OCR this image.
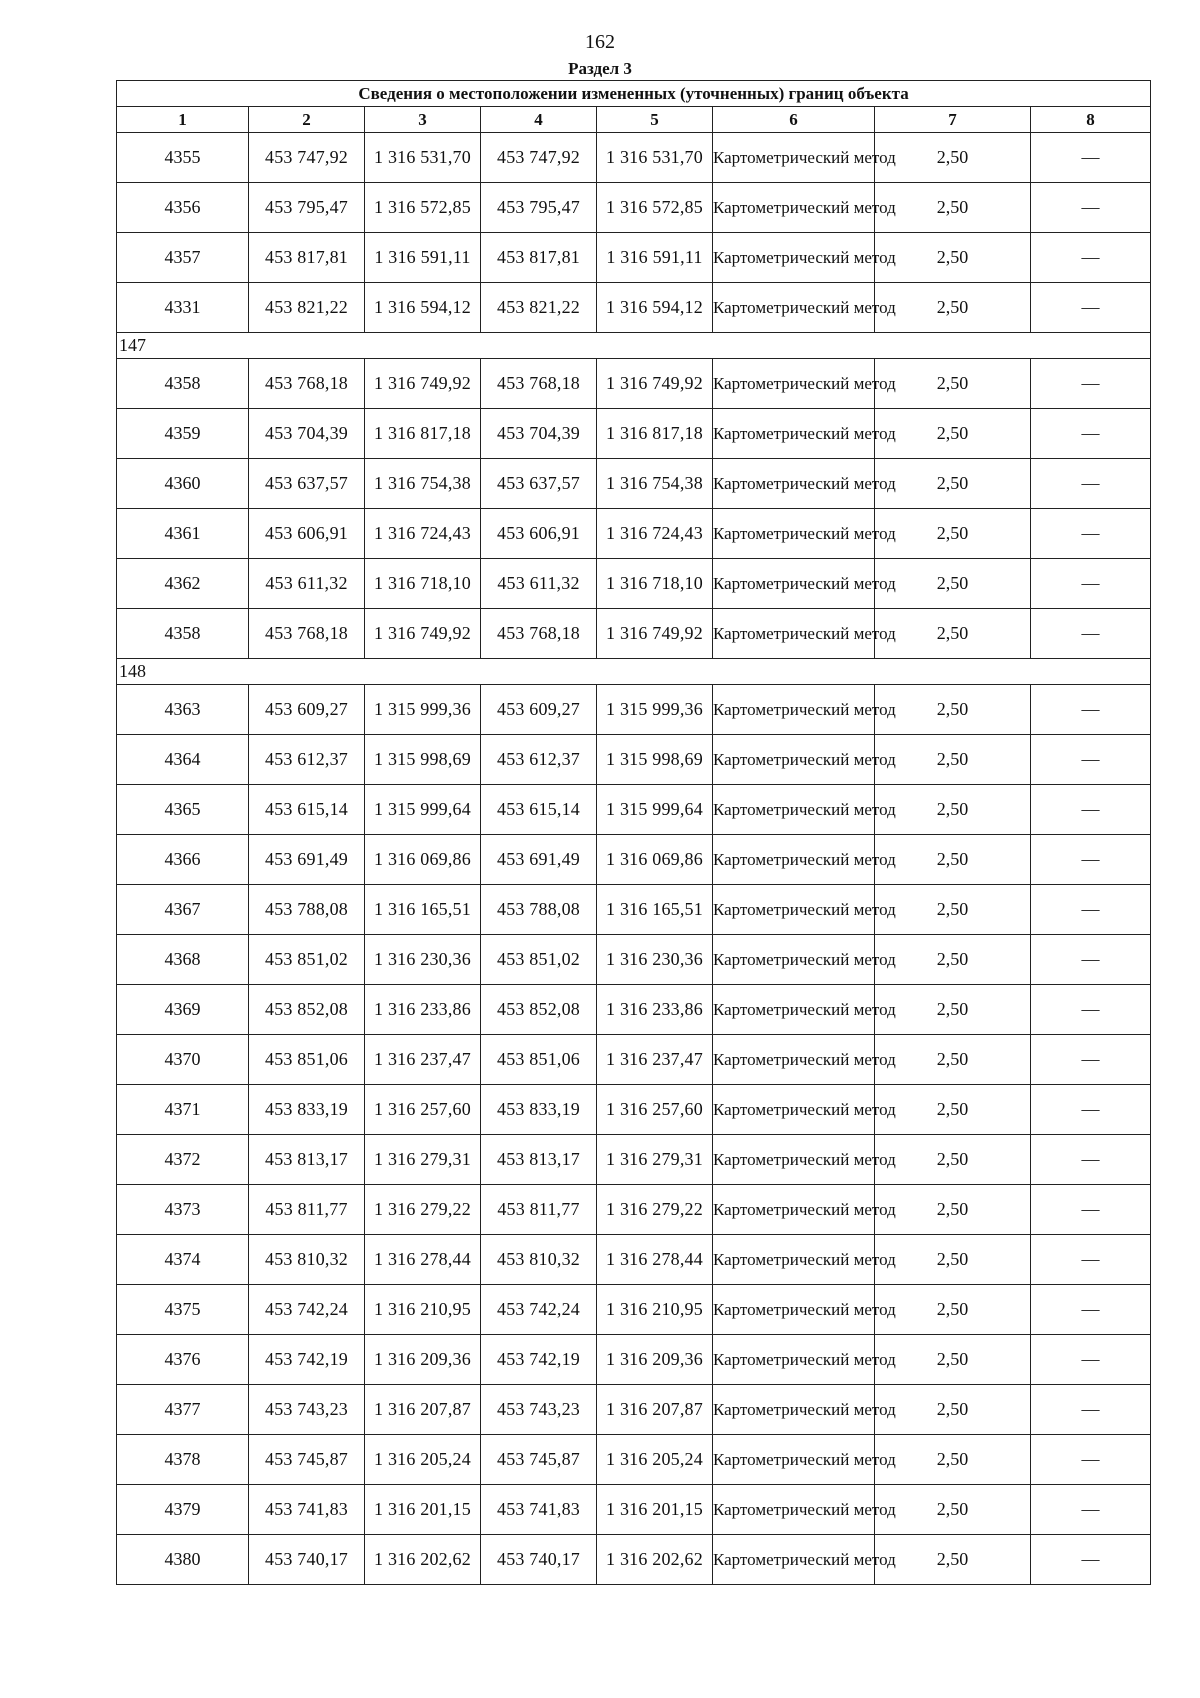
162
Раздел 3
Сведения о местоположении измененных (уточненных) границ объекта							
1	2	3	4	5	6	7	8
4355	453 747,92	1 316 531,70	453 747,92	1 316 531,70	Картометрический метод	2,50	—
4356	453 795,47	1 316 572,85	453 795,47	1 316 572,85	Картометрический метод	2,50	—
4357	453 817,81	1 316 591,11	453 817,81	1 316 591,11	Картометрический метод	2,50	—
4331	453 821,22	1 316 594,12	453 821,22	1 316 594,12	Картометрический метод	2,50	—
147							
4358	453 768,18	1 316 749,92	453 768,18	1 316 749,92	Картометрический метод	2,50	—
4359	453 704,39	1 316 817,18	453 704,39	1 316 817,18	Картометрический метод	2,50	—
4360	453 637,57	1 316 754,38	453 637,57	1 316 754,38	Картометрический метод	2,50	—
4361	453 606,91	1 316 724,43	453 606,91	1 316 724,43	Картометрический метод	2,50	—
4362	453 611,32	1 316 718,10	453 611,32	1 316 718,10	Картометрический метод	2,50	—
4358	453 768,18	1 316 749,92	453 768,18	1 316 749,92	Картометрический метод	2,50	—
148							
4363	453 609,27	1 315 999,36	453 609,27	1 315 999,36	Картометрический метод	2,50	—
4364	453 612,37	1 315 998,69	453 612,37	1 315 998,69	Картометрический метод	2,50	—
4365	453 615,14	1 315 999,64	453 615,14	1 315 999,64	Картометрический метод	2,50	—
4366	453 691,49	1 316 069,86	453 691,49	1 316 069,86	Картометрический метод	2,50	—
4367	453 788,08	1 316 165,51	453 788,08	1 316 165,51	Картометрический метод	2,50	—
4368	453 851,02	1 316 230,36	453 851,02	1 316 230,36	Картометрический метод	2,50	—
4369	453 852,08	1 316 233,86	453 852,08	1 316 233,86	Картометрический метод	2,50	—
4370	453 851,06	1 316 237,47	453 851,06	1 316 237,47	Картометрический метод	2,50	—
4371	453 833,19	1 316 257,60	453 833,19	1 316 257,60	Картометрический метод	2,50	—
4372	453 813,17	1 316 279,31	453 813,17	1 316 279,31	Картометрический метод	2,50	—
4373	453 811,77	1 316 279,22	453 811,77	1 316 279,22	Картометрический метод	2,50	—
4374	453 810,32	1 316 278,44	453 810,32	1 316 278,44	Картометрический метод	2,50	—
4375	453 742,24	1 316 210,95	453 742,24	1 316 210,95	Картометрический метод	2,50	—
4376	453 742,19	1 316 209,36	453 742,19	1 316 209,36	Картометрический метод	2,50	—
4377	453 743,23	1 316 207,87	453 743,23	1 316 207,87	Картометрический метод	2,50	—
4378	453 745,87	1 316 205,24	453 745,87	1 316 205,24	Картометрический метод	2,50	—
4379	453 741,83	1 316 201,15	453 741,83	1 316 201,15	Картометрический метод	2,50	—
4380	453 740,17	1 316 202,62	453 740,17	1 316 202,62	Картометрический метод	2,50	—
